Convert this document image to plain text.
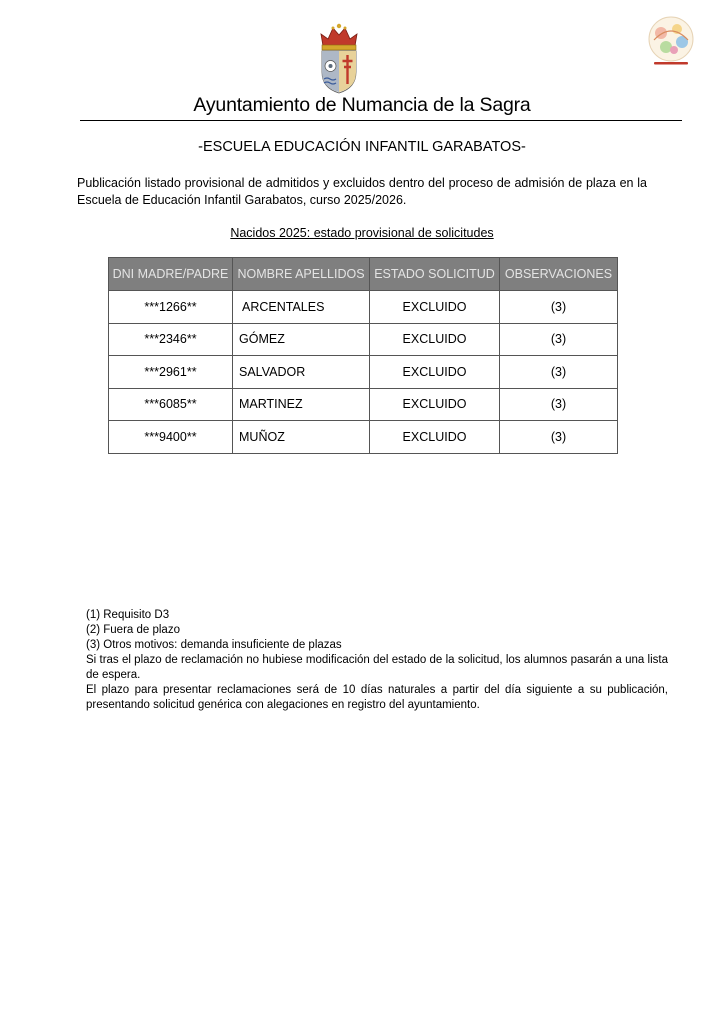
Ayuntamiento de Numancia de la Sagra
-ESCUELA EDUCACIÓN INFANTIL GARABATOS-
Publicación listado provisional de admitidos y excluidos dentro del proceso de admisión de plaza en la Escuela de Educación Infantil Garabatos, curso 2025/2026.
Nacidos 2025: estado provisional de solicitudes
DNI MADRE/PADRE	NOMBRE APELLIDOS	ESTADO SOLICITUD	OBSERVACIONES
***1266**	ARCENTALES	EXCLUIDO	(3)
***2346**	GÓMEZ	EXCLUIDO	(3)
***2961**	SALVADOR	EXCLUIDO	(3)
***6085**	MARTINEZ	EXCLUIDO	(3)
***9400**	MUÑOZ	EXCLUIDO	(3)
(1) Requisito D3
(2) Fuera de plazo
(3) Otros motivos: demanda insuficiente de plazas
Si tras el plazo de reclamación no hubiese modificación del estado de la solicitud, los alumnos pasarán a una lista de espera.
El plazo para presentar reclamaciones será de 10 días naturales a partir del día siguiente a su publicación, presentando solicitud genérica con alegaciones en registro del ayuntamiento.
